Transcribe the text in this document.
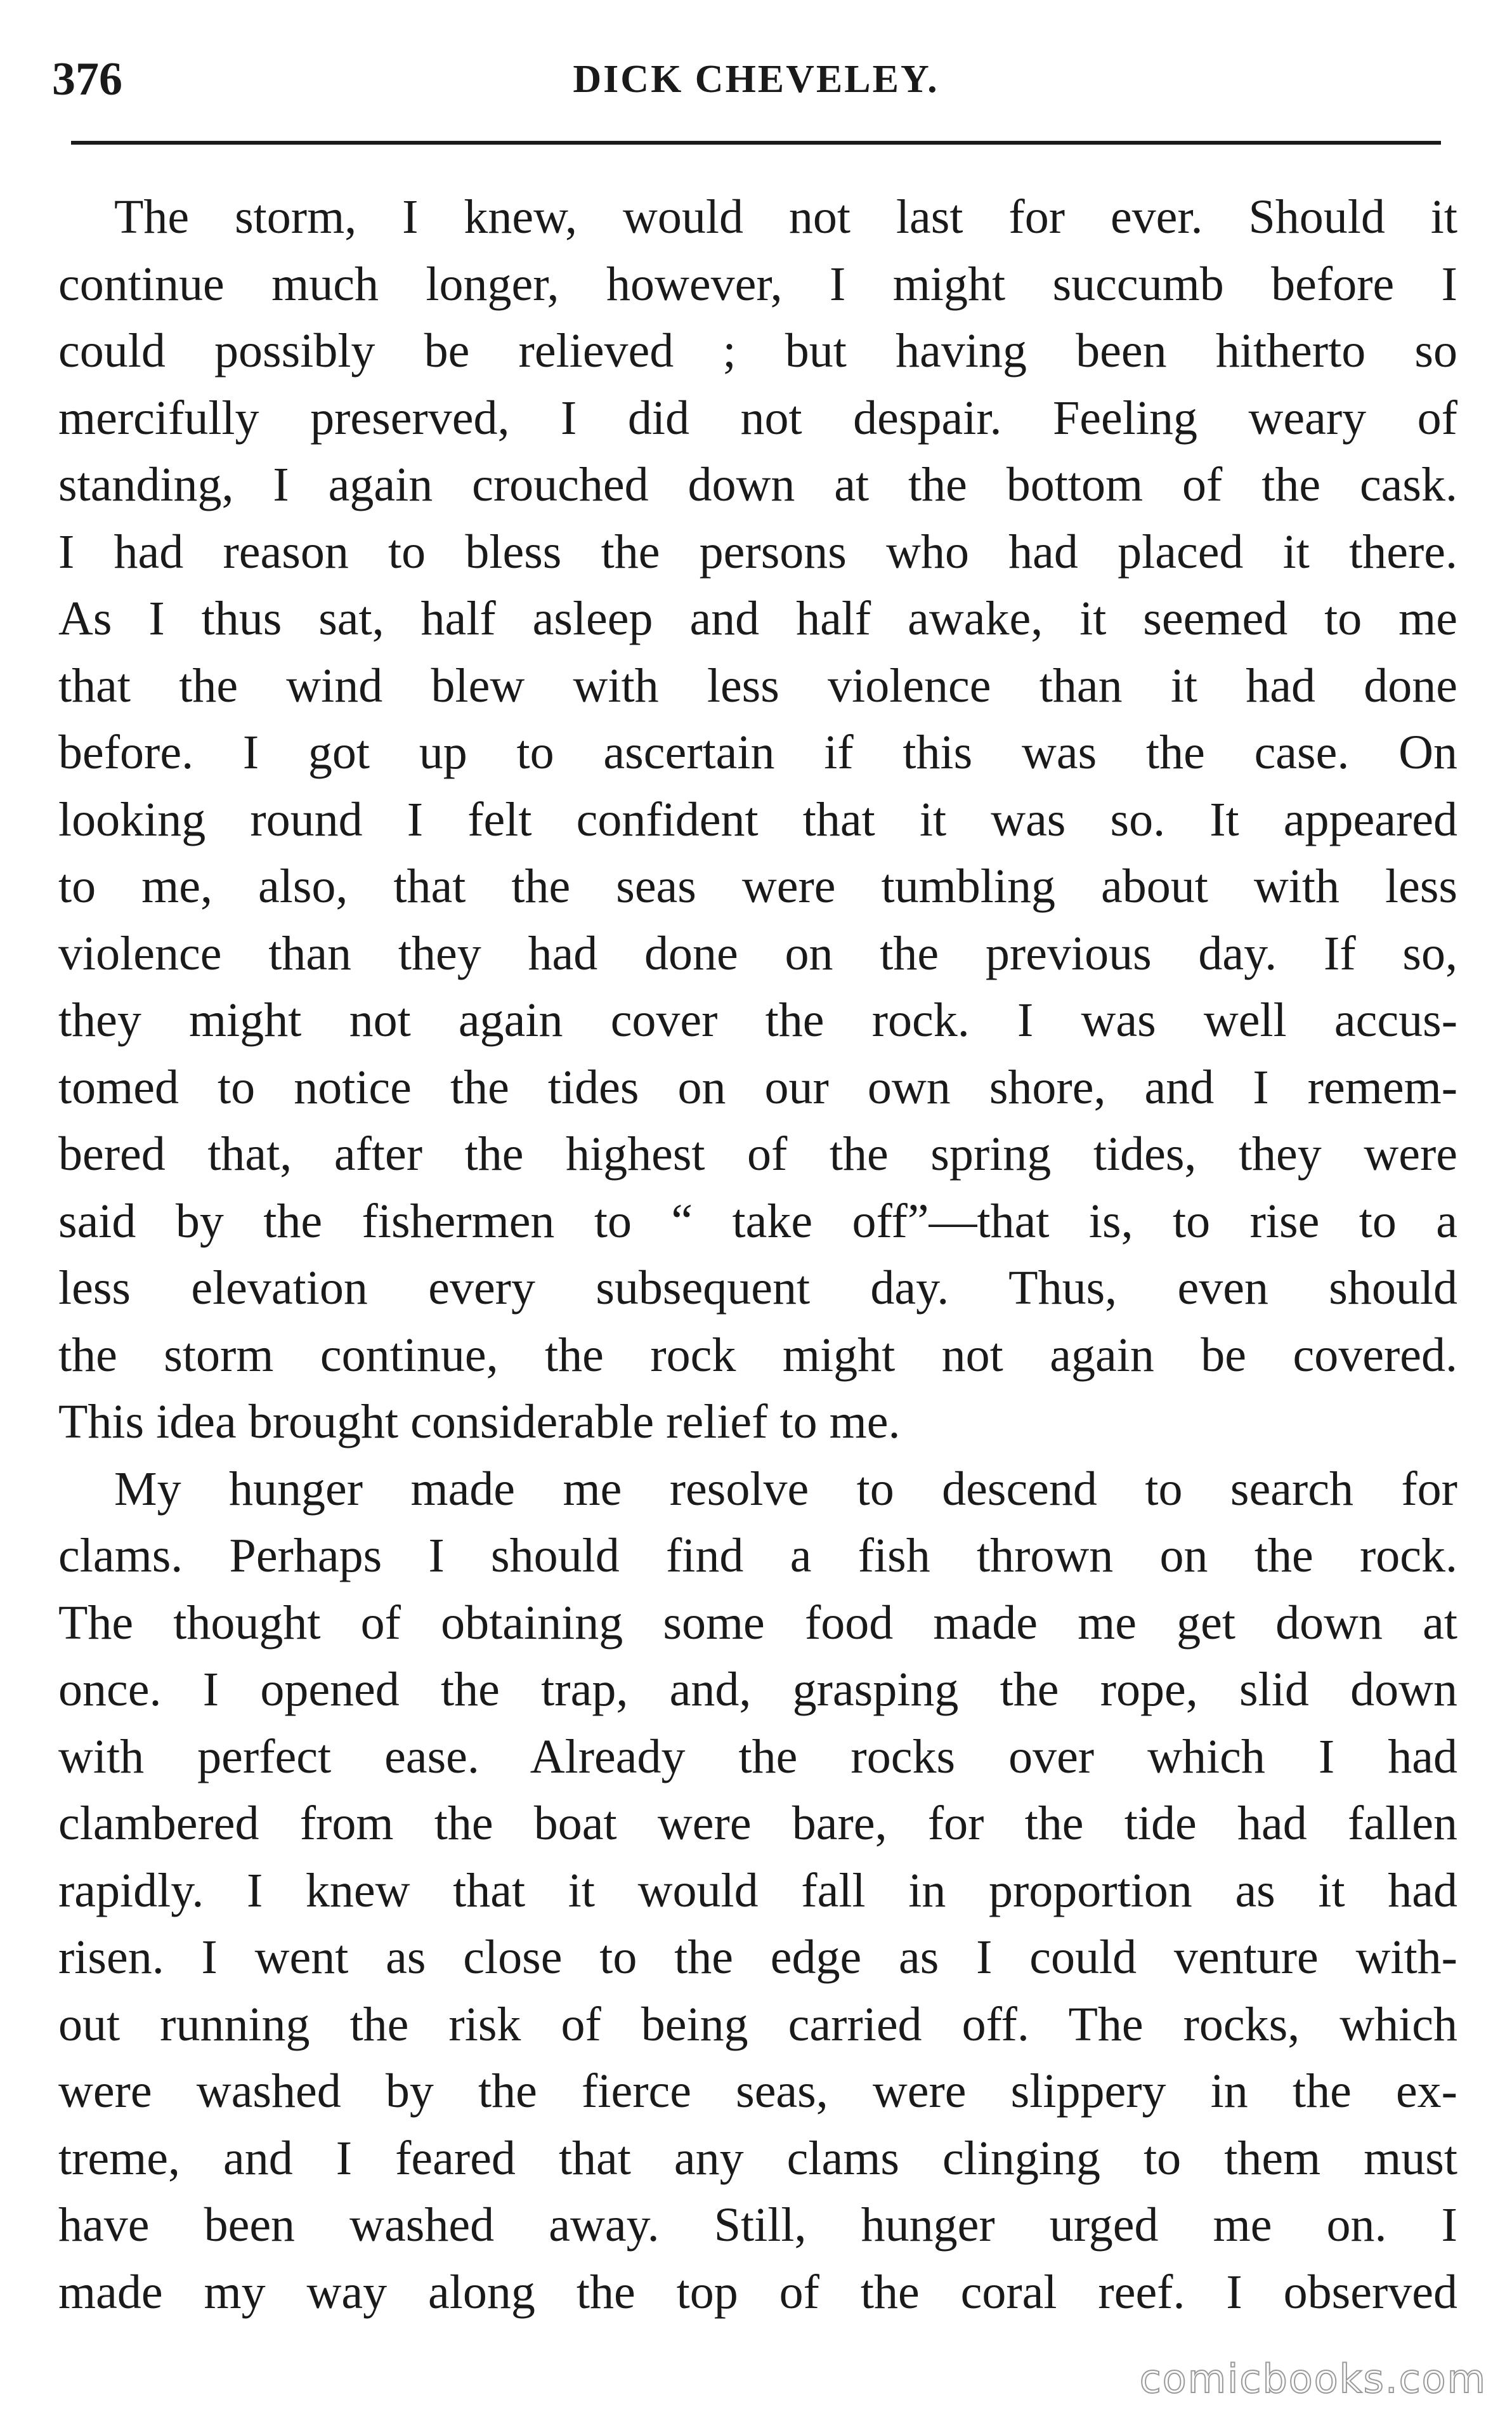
376	DICK CHEVELEY.
The storm, I knew, would not last for ever. Should it
continue much longer, however, I might succumb before I
could possibly be relieved ; but having been hitherto so
mercifully preserved, I did not despair. Feeling weary of
standing, I again crouched down at the bottom of the cask.
I had reason to bless the persons who had placed it there.
As I thus sat, half asleep and half awake, it seemed to me
that the wind blew with less violence than it had done
before. I got up to ascertain if this was the case. On
looking round I felt confident that it was so. It appeared
to me, also, that the seas were tumbling about with less
violence than they had done on the previous day. If so,
they might not again cover the rock. I was well accus-
tomed to notice the tides on our own shore, and I remem-
bered that, after the highest of the spring tides, they were
said by the fishermen to “ take off”—that is, to rise to a
less elevation every subsequent day. Thus, even should
the storm continue, the rock might not again be covered.
This idea brought considerable relief to me.
My hunger made me resolve to descend to search for
clams. Perhaps I should find a fish thrown on the rock.
The thought of obtaining some food made me get down at
once. I opened the trap, and, grasping the rope, slid down
with perfect ease. Already the rocks over which I had
clambered from the boat were bare, for the tide had fallen
rapidly. I knew that it would fall in proportion as it had
risen. I went as close to the edge as I could venture with-
out running the risk of being carried off. The rocks, which
were washed by the fierce seas, were slippery in the ex-
treme, and I feared that any clams clinging to them must
have been washed away. Still, hunger urged me on. I
made my way along the top of the coral reef. I observed
comicbooks.com
